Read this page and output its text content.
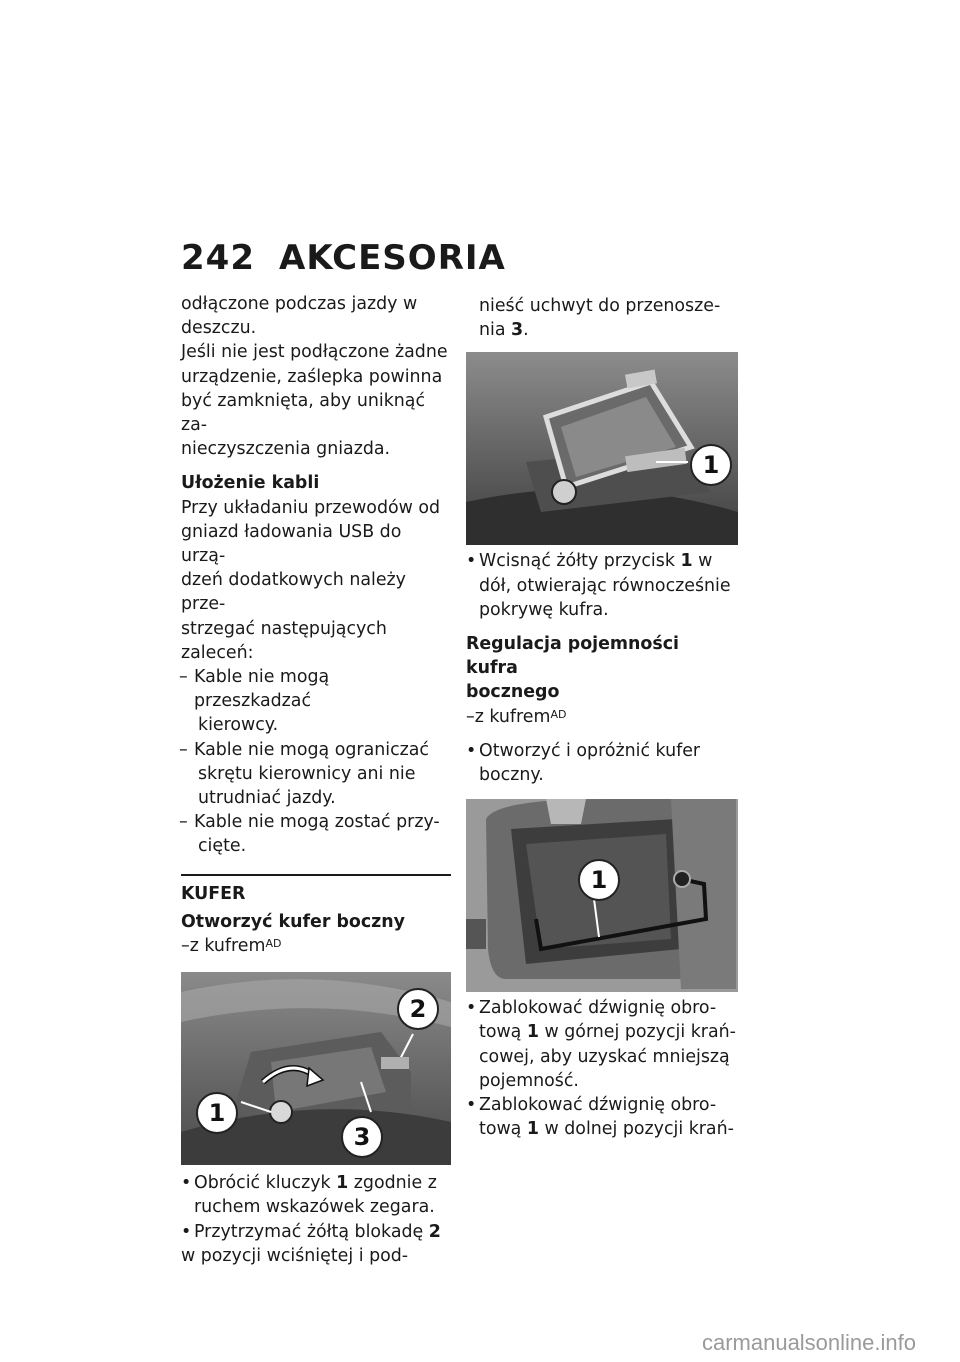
242 AKCESORIA

odłączone podczas jazdy w

deszczu.

Jeśli nie jest podłączone żadne

urządzenie, zaślepka powinna

być zamknięta, aby uniknąć za-

nieczyszczenia gniazda.

Ułożenie kabli

Przy układaniu przewodów od

gniazd ładowania USB do urzą-

dzeń dodatkowych należy prze-

strzegać następujących zaleceń:

– Kable nie mogą przeszkadzać

kierowcy.

– Kable nie mogą ograniczać

skrętu kierownicy ani nie

utrudniać jazdy.

– Kable nie mogą zostać przy-

cięte.

KUFER

Otworzyć kufer boczny

–z kufrem$^{AD}$

1
2
3
• Obrócić kluczyk 1 zgodnie z

ruchem wskazówek zegara.

• Przytrzymać żółtą blokadę 2

w pozycji wciśniętej i pod-

nieść uchwyt do przenosze-

nia 3.

1
• Wcisnąć żółty przycisk 1 w

dół, otwierając równocześnie

pokrywę kufra.

Regulacja pojemności kufra

bocznego

–z kufrem$^{AD}$

• Otworzyć i opróżnić kufer

boczny.

1
• Zablokować dźwignię obro-

tową 1 w górnej pozycji krań-

cowej, aby uzyskać mniejszą

pojemność.

• Zablokować dźwignię obro-

tową 1 w dolnej pozycji krań-

carmanualsonline.info
